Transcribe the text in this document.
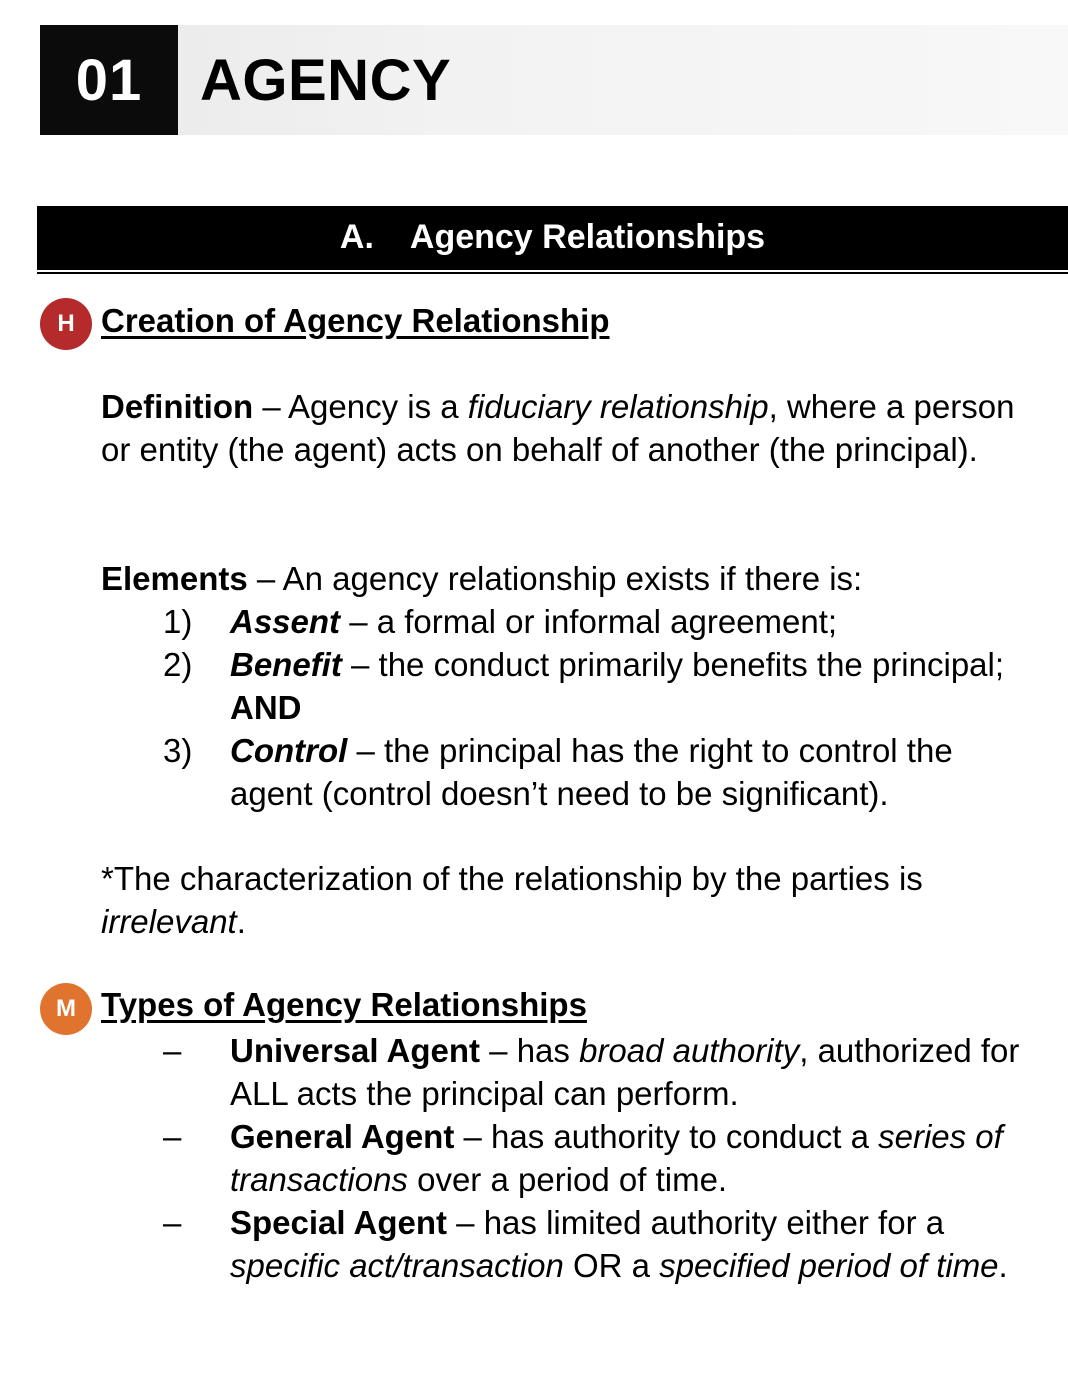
01 AGENCY
A. Agency Relationships
H Creation of Agency Relationship
Definition – Agency is a fiduciary relationship, where a person or entity (the agent) acts on behalf of another (the principal).
Elements – An agency relationship exists if there is:
1)	Assent – a formal or informal agreement;
2)	Benefit – the conduct primarily benefits the principal; AND
3)	Control – the principal has the right to control the agent (control doesn’t need to be significant).
*The characterization of the relationship by the parties is irrelevant.
M Types of Agency Relationships
–	Universal Agent – has broad authority, authorized for ALL acts the principal can perform.
–	General Agent – has authority to conduct a series of transactions over a period of time.
–	Special Agent – has limited authority either for a specific act/transaction OR a specified period of time.
